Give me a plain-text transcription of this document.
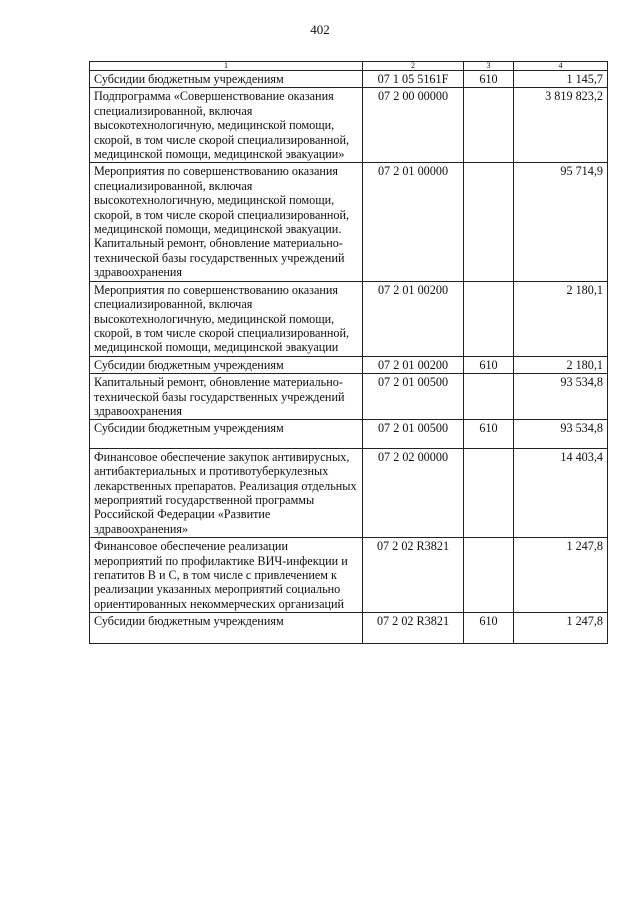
402
1	2	3	4
Субсидии бюджетным учреждениям	07 1 05 5161F	610	1 145,7
Подпрограмма «Совершенствование оказания специализированной, включая высокотехнологичную, медицинской помощи, скорой, в том числе скорой специализированной, медицинской помощи, медицинской эвакуации»	07 2 00 00000		3 819 823,2
Мероприятия по совершенствованию оказания специализированной, включая высокотехнологичную, медицинской помощи, скорой, в том числе скорой специализированной, медицинской помощи, медицинской эвакуации. Капитальный ремонт, обновление материально-технической базы государственных учреждений здравоохранения	07 2 01 00000		95 714,9
Мероприятия по совершенствованию оказания специализированной, включая высокотехнологичную, медицинской помощи, скорой, в том числе скорой специализированной, медицинской помощи, медицинской эвакуации	07 2 01 00200		2 180,1
Субсидии бюджетным учреждениям	07 2 01 00200	610	2 180,1
Капитальный ремонт, обновление материально-технической базы государственных учреждений здравоохранения	07 2 01 00500		93 534,8
Субсидии бюджетным учреждениям	07 2 01 00500	610	93 534,8
Финансовое обеспечение закупок антивирусных, антибактериальных и противотуберкулезных лекарственных препаратов. Реализация отдельных мероприятий государственной программы Российской Федерации «Развитие здравоохранения»	07 2 02 00000		14 403,4
Финансовое обеспечение реализации мероприятий по профилактике ВИЧ-инфекции и гепатитов В и С, в том числе с привлечением к реализации указанных мероприятий социально ориентированных некоммерческих организаций	07 2 02 R3821		1 247,8
Субсидии бюджетным учреждениям	07 2 02 R3821	610	1 247,8
